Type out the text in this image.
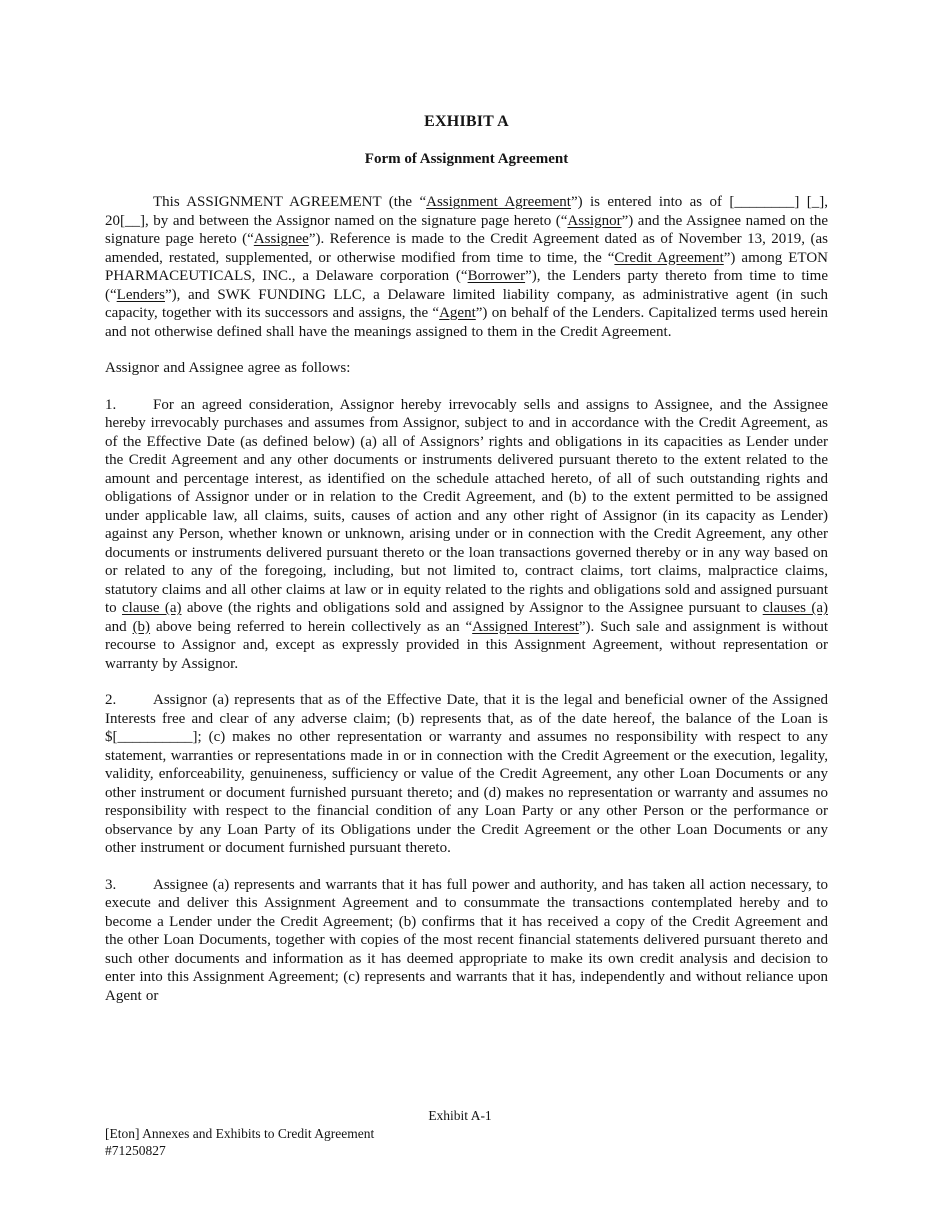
EXHIBIT A
Form of Assignment Agreement

This ASSIGNMENT AGREEMENT (the “Assignment Agreement”) is entered into as of [________] [_], 20[__], by and between the Assignor named on the signature page hereto (“Assignor”) and the Assignee named on the signature page hereto (“Assignee”). Reference is made to the Credit Agreement dated as of November 13, 2019, (as amended, restated, supplemented, or otherwise modified from time to time, the “Credit Agreement”) among ETON PHARMACEUTICALS, INC., a Delaware corporation (“Borrower”), the Lenders party thereto from time to time (“Lenders”), and SWK FUNDING LLC, a Delaware limited liability company, as administrative agent (in such capacity, together with its successors and assigns, the “Agent”) on behalf of the Lenders. Capitalized terms used herein and not otherwise defined shall have the meanings assigned to them in the Credit Agreement.

Assignor and Assignee agree as follows:

1. For an agreed consideration, Assignor hereby irrevocably sells and assigns to Assignee, and the Assignee hereby irrevocably purchases and assumes from Assignor, subject to and in accordance with the Credit Agreement, as of the Effective Date (as defined below) (a) all of Assignors’ rights and obligations in its capacities as Lender under the Credit Agreement and any other documents or instruments delivered pursuant thereto to the extent related to the amount and percentage interest, as identified on the schedule attached hereto, of all of such outstanding rights and obligations of Assignor under or in relation to the Credit Agreement, and (b) to the extent permitted to be assigned under applicable law, all claims, suits, causes of action and any other right of Assignor (in its capacity as Lender) against any Person, whether known or unknown, arising under or in connection with the Credit Agreement, any other documents or instruments delivered pursuant thereto or the loan transactions governed thereby or in any way based on or related to any of the foregoing, including, but not limited to, contract claims, tort claims, malpractice claims, statutory claims and all other claims at law or in equity related to the rights and obligations sold and assigned pursuant to clause (a) above (the rights and obligations sold and assigned by Assignor to the Assignee pursuant to clauses (a) and (b) above being referred to herein collectively as an “Assigned Interest”). Such sale and assignment is without recourse to Assignor and, except as expressly provided in this Assignment Agreement, without representation or warranty by Assignor.

2. Assignor (a) represents that as of the Effective Date, that it is the legal and beneficial owner of the Assigned Interests free and clear of any adverse claim; (b) represents that, as of the date hereof, the balance of the Loan is $[__________]; (c) makes no other representation or warranty and assumes no responsibility with respect to any statement, warranties or representations made in or in connection with the Credit Agreement or the execution, legality, validity, enforceability, genuineness, sufficiency or value of the Credit Agreement, any other Loan Documents or any other instrument or document furnished pursuant thereto; and (d) makes no representation or warranty and assumes no responsibility with respect to the financial condition of any Loan Party or any other Person or the performance or observance by any Loan Party of its Obligations under the Credit Agreement or the other Loan Documents or any other instrument or document furnished pursuant thereto.

3. Assignee (a) represents and warrants that it has full power and authority, and has taken all action necessary, to execute and deliver this Assignment Agreement and to consummate the transactions contemplated hereby and to become a Lender under the Credit Agreement; (b) confirms that it has received a copy of the Credit Agreement and the other Loan Documents, together with copies of the most recent financial statements delivered pursuant thereto and such other documents and information as it has deemed appropriate to make its own credit analysis and decision to enter into this Assignment Agreement; (c) represents and warrants that it has, independently and without reliance upon Agent or

Exhibit A-1
[Eton] Annexes and Exhibits to Credit Agreement
#71250827
